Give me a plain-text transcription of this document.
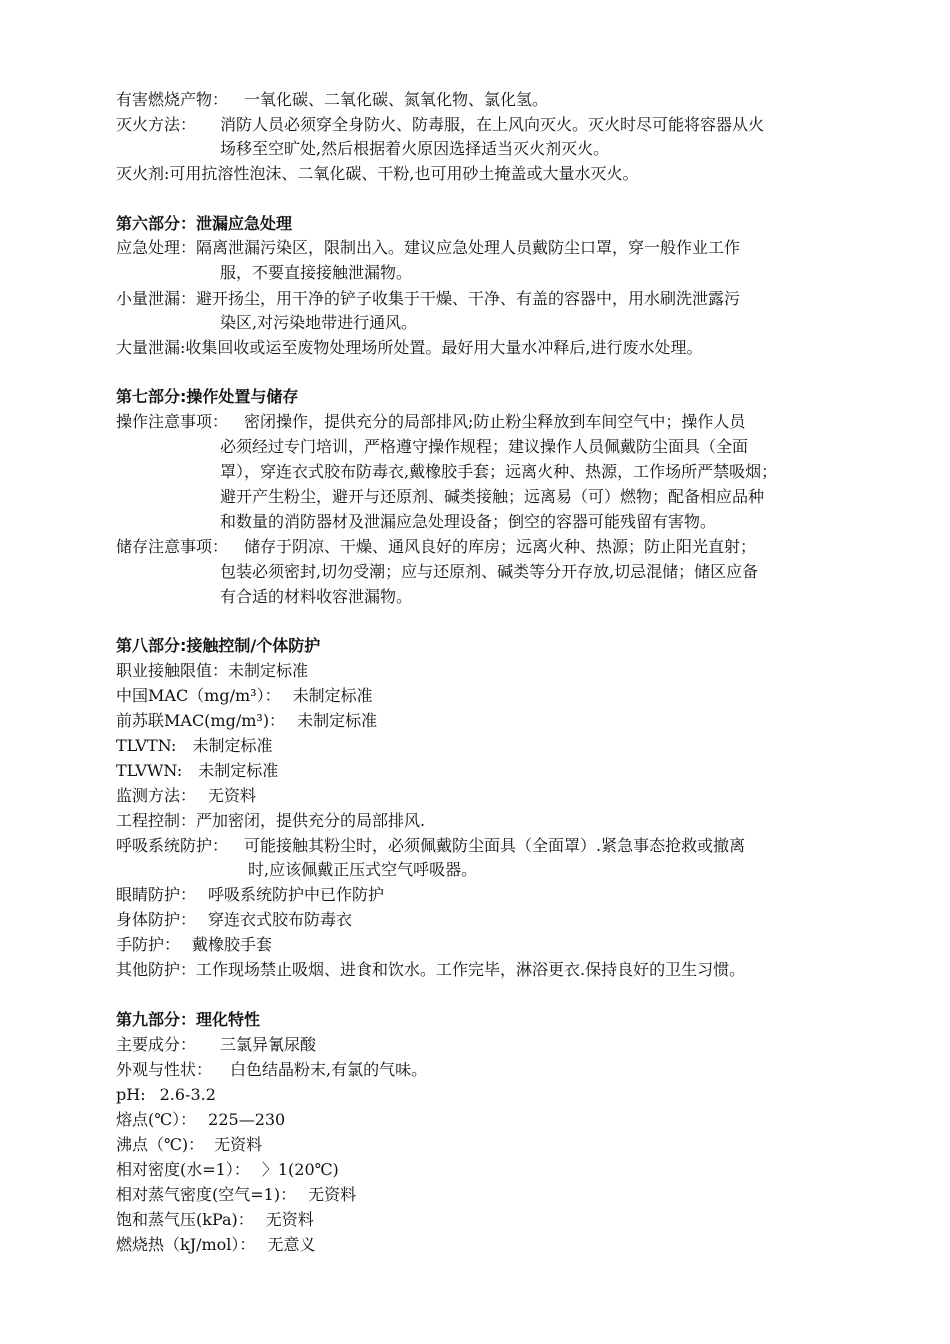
有害燃烧产物： 一氧化碳、二氧化碳、氮氧化物、氯化氢。
灭火方法： 消防人员必须穿全身防火、防毒服，在上风向灭火。灭火时尽可能将容器从火
场移至空旷处,然后根据着火原因选择适当灭火剂灭火。
灭火剂:可用抗溶性泡沫、二氧化碳、干粉,也可用砂土掩盖或大量水灭火。
第六部分：泄漏应急处理
应急处理：隔离泄漏污染区，限制出入。建议应急处理人员戴防尘口罩，穿一般作业工作
服，不要直接接触泄漏物。
小量泄漏：避开扬尘，用干净的铲子收集于干燥、干净、有盖的容器中，用水刷洗泄露污
染区,对污染地带进行通风。
大量泄漏:收集回收或运至废物处理场所处置。最好用大量水冲释后,进行废水处理。
第七部分:操作处置与储存
操作注意事项： 密闭操作，提供充分的局部排风;防止粉尘释放到车间空气中；操作人员
必须经过专门培训，严格遵守操作规程；建议操作人员佩戴防尘面具（全面
罩），穿连衣式胶布防毒衣,戴橡胶手套；远离火种、热源，工作场所严禁吸烟；
避开产生粉尘，避开与还原剂、碱类接触；远离易（可）燃物；配备相应品种
和数量的消防器材及泄漏应急处理设备；倒空的容器可能残留有害物。
储存注意事项： 储存于阴凉、干燥、通风良好的库房；远离火种、热源；防止阳光直射；
包装必须密封,切勿受潮；应与还原剂、碱类等分开存放,切忌混储；储区应备
有合适的材料收容泄漏物。
第八部分:接触控制/个体防护
职业接触限值：未制定标准
中国MAC（mg/m³）： 未制定标准
前苏联MAC(mg/m³)： 未制定标准
TLVTN: 未制定标准
TLVWN: 未制定标准
监测方法： 无资料
工程控制：严加密闭，提供充分的局部排风.
呼吸系统防护： 可能接触其粉尘时，必须佩戴防尘面具（全面罩）.紧急事态抢救或撤离
时,应该佩戴正压式空气呼吸器。
眼睛防护： 呼吸系统防护中已作防护
身体防护： 穿连衣式胶布防毒衣
手防护： 戴橡胶手套
其他防护：工作现场禁止吸烟、进食和饮水。工作完毕，淋浴更衣.保持良好的卫生习惯。
第九部分：理化特性
主要成分： 三氯异氰尿酸
外观与性状： 白色结晶粉末,有氯的气味。
pH: 2.6-3.2
熔点(℃）： 225—230
沸点（℃)： 无资料
相对密度(水=1）： 〉1(20℃)
相对蒸气密度(空气=1)： 无资料
饱和蒸气压(kPa)： 无资料
燃烧热（kJ/mol）： 无意义
